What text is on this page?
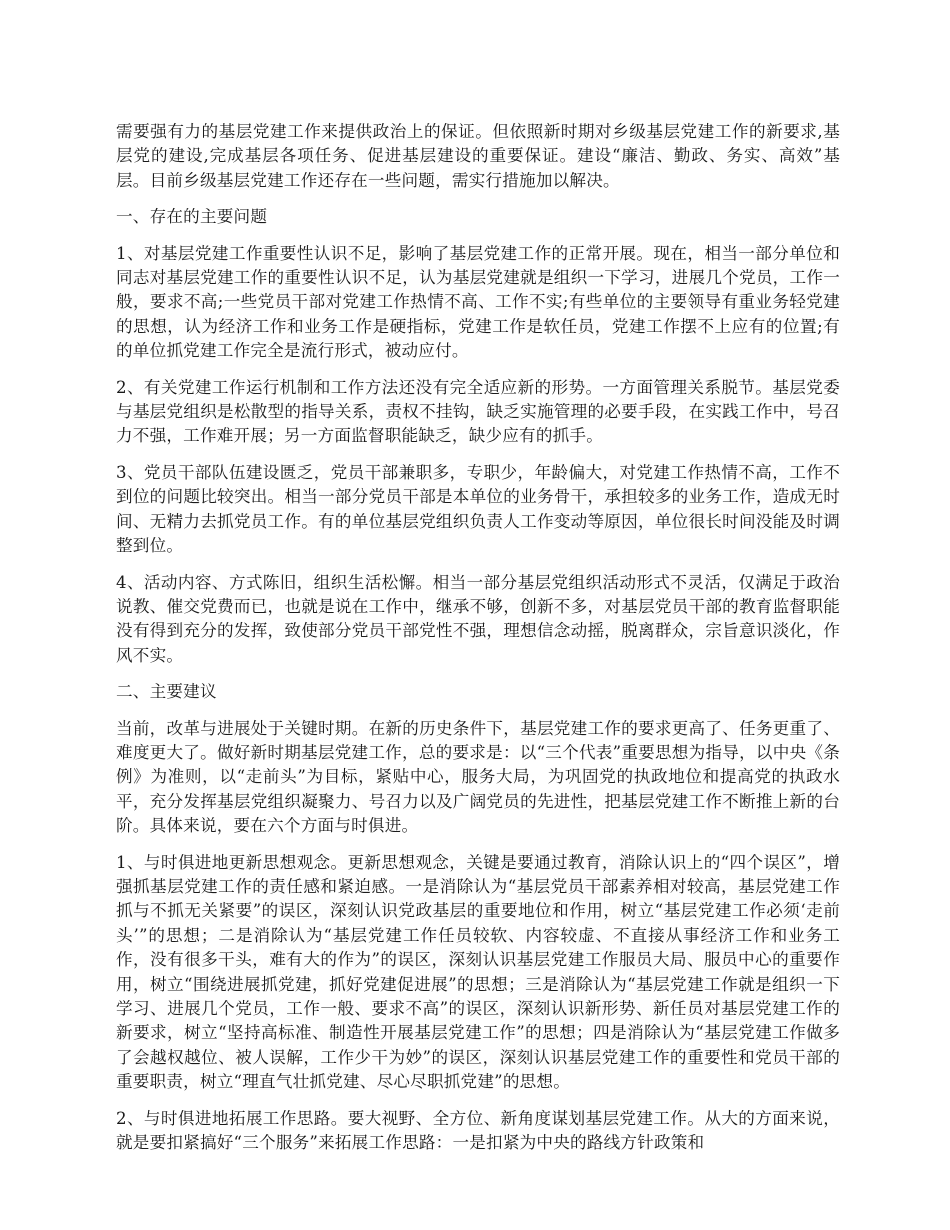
需要强有力的基层党建工作来提供政治上的保证。但依照新时期对乡级基层党建工作的新要求,基层党的建设,完成基层各项任务、促进基层建设的重要保证。建设“廉洁、勤政、务实、高效”基层。目前乡级基层党建工作还存在一些问题，需实行措施加以解决。

一、存在的主要问题

1、对基层党建工作重要性认识不足，影响了基层党建工作的正常开展。现在，相当一部分单位和同志对基层党建工作的重要性认识不足，认为基层党建就是组织一下学习，进展几个党员，工作一般，要求不高;一些党员干部对党建工作热情不高、工作不实;有些单位的主要领导有重业务轻党建的思想，认为经济工作和业务工作是硬指标，党建工作是软任员，党建工作摆不上应有的位置;有的单位抓党建工作完全是流行形式，被动应付。

2、有关党建工作运行机制和工作方法还没有完全适应新的形势。一方面管理关系脱节。基层党委与基层党组织是松散型的指导关系，责权不挂钩，缺乏实施管理的必要手段，在实践工作中，号召力不强，工作难开展；另一方面监督职能缺乏，缺少应有的抓手。

3、党员干部队伍建设匮乏，党员干部兼职多，专职少，年龄偏大，对党建工作热情不高，工作不到位的问题比较突出。相当一部分党员干部是本单位的业务骨干，承担较多的业务工作，造成无时间、无精力去抓党员工作。有的单位基层党组织负责人工作变动等原因，单位很长时间没能及时调整到位。

4、活动内容、方式陈旧，组织生活松懈。相当一部分基层党组织活动形式不灵活，仅满足于政治说教、催交党费而已，也就是说在工作中，继承不够，创新不多，对基层党员干部的教育监督职能没有得到充分的发挥，致使部分党员干部党性不强，理想信念动摇，脱离群众，宗旨意识淡化，作风不实。

二、主要建议

当前，改革与进展处于关键时期。在新的历史条件下，基层党建工作的要求更高了、任务更重了、难度更大了。做好新时期基层党建工作，总的要求是：以“三个代表”重要思想为指导，以中央《条例》为准则，以“走前头”为目标，紧贴中心，服务大局，为巩固党的执政地位和提高党的执政水平，充分发挥基层党组织凝聚力、号召力以及广阔党员的先进性，把基层党建工作不断推上新的台阶。具体来说，要在六个方面与时俱进。

1、与时俱进地更新思想观念。更新思想观念，关键是要通过教育，消除认识上的“四个误区”，增强抓基层党建工作的责任感和紧迫感。一是消除认为“基层党员干部素养相对较高，基层党建工作抓与不抓无关紧要”的误区，深刻认识党政基层的重要地位和作用，树立“基层党建工作必须‘走前头’”的思想；二是消除认为“基层党建工作任员较软、内容较虚、不直接从事经济工作和业务工作，没有很多干头，难有大的作为”的误区，深刻认识基层党建工作服员大局、服员中心的重要作用，树立“围绕进展抓党建，抓好党建促进展”的思想；三是消除认为“基层党建工作就是组织一下学习、进展几个党员，工作一般、要求不高”的误区，深刻认识新形势、新任员对基层党建工作的新要求，树立“坚持高标准、制造性开展基层党建工作”的思想；四是消除认为“基层党建工作做多了会越权越位、被人误解，工作少干为妙”的误区，深刻认识基层党建工作的重要性和党员干部的重要职责，树立“理直气壮抓党建、尽心尽职抓党建”的思想。

2、与时俱进地拓展工作思路。要大视野、全方位、新角度谋划基层党建工作。从大的方面来说，就是要扣紧搞好“三个服务”来拓展工作思路：一是扣紧为中央的路线方针政策和
